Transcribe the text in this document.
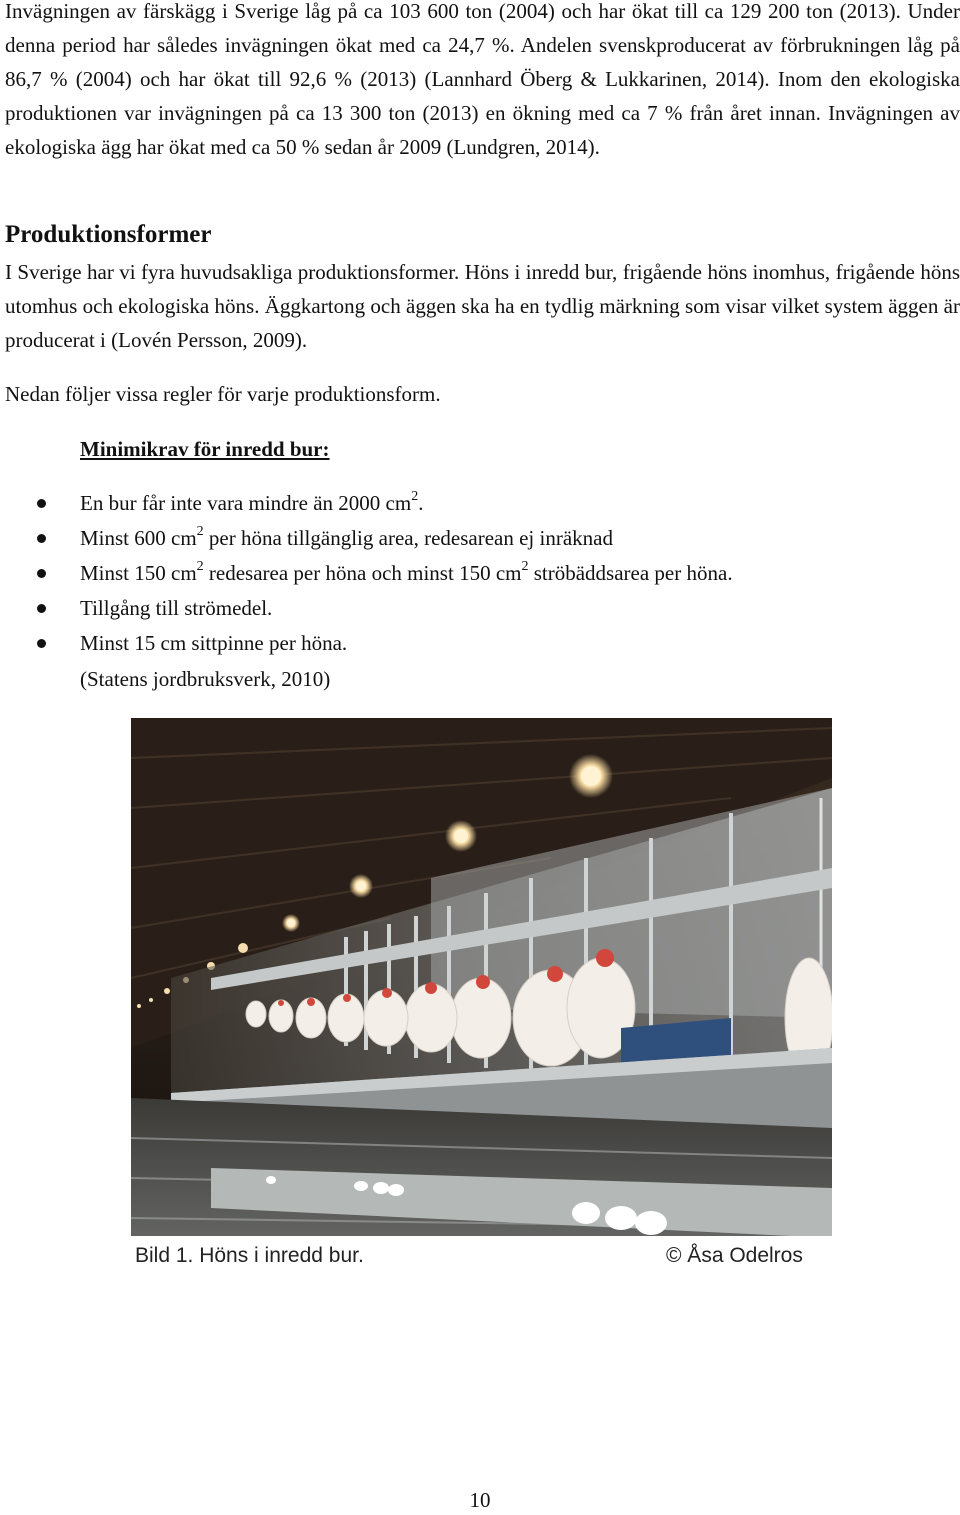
Invägningen av färskägg i Sverige låg på ca 103 600 ton (2004) och har ökat till ca 129 200 ton (2013). Under denna period har således invägningen ökat med ca 24,7 %. Andelen svenskproducerat av förbrukningen låg på 86,7 % (2004) och har ökat till 92,6 % (2013) (Lannhard Öberg & Lukkarinen, 2014). Inom den ekologiska produktionen var invägningen på ca 13 300 ton (2013) en ökning med ca 7 % från året innan. Invägningen av ekologiska ägg har ökat med ca 50 % sedan år 2009 (Lundgren, 2014).

Produktionsformer

I Sverige har vi fyra huvudsakliga produktionsformer. Höns i inredd bur, frigående höns inomhus, frigående höns utomhus och ekologiska höns. Äggkartong och äggen ska ha en tydlig märkning som visar vilket system äggen är producerat i (Lovén Persson, 2009).

Nedan följer vissa regler för varje produktionsform.

Minimikrav för inredd bur:
En bur får inte vara mindre än 2000 $cm^2$.
Minst 600 $cm^2$ per höna tillgänglig area, redesarean ej inräknad
Minst 150 $cm^2$ redesarea per höna och minst 150 $cm^2$ ströbäddsarea per höna.
Tillgång till strömedel.
Minst 15 cm sittpinne per höna.

(Statens jordbruksverk, 2010)

Bild 1. Höns i inredd bur.	© Åsa Odelros
10
